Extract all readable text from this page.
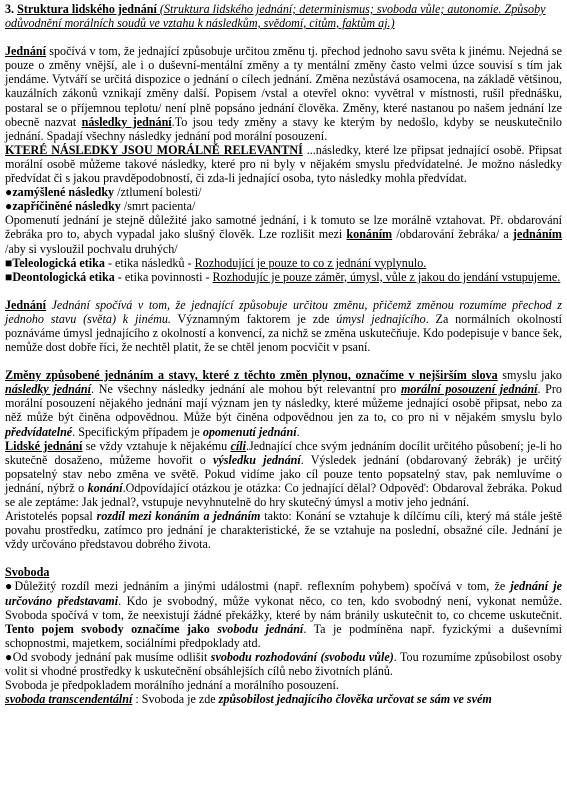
3. Struktura lidského jednání (Struktura lidského jednání; determinismus; svoboda vůle; autonomie. Způsoby odůvodnění morálních soudů ve vztahu k následkům, svědomí, citům, faktům aj.)

Jednání spočívá v tom, že jednající způsobuje určitou změnu tj. přechod jednoho savu světa k jinému. Nejedná se pouze o změny vnější, ale i o duševní-mentální změny a ty mentální změny často velmi úzce souvisí s tím jak jendáme. Vytváří se určitá dispozice o jednání o cílech jednání. Změna nezůstává osamocena, na základě většinou, kauzálních zákonů vznikají změny další. Popisem /vstal a otevřel okno: vyvětral v místnosti, rušil přednášku, postaral se o příjemnou teplotu/ není plně popsáno jednání člověka. Změny, které nastanou po našem jednání lze obecně nazvat následky jednání.To jsou tedy změny a stavy ke kterým by nedošlo, kdyby se neuskutečnilo jednání. Spadají všechny následky jednání pod morální posouzení.

KTERÉ NÁSLEDKY JSOU MORÁLNĚ RELEVANTNÍ ...následky, které lze připsat jednající osobě. Připsat morální osobě můžeme takové následky, které pro ni byly v nějakém smyslu předvídatelné. Je možno následky předvídat či s jakou pravděpodobností, či zda-li jednající osoba, tyto následky mohla předvídat.

●zamýšlené následky /ztlumení bolesti/

●zapříčiněné následky /smrt pacienta/

Opomenutí jednání je stejně důležité jako samotné jednání, i k tomuto se lze morálně vztahovat. Př. obdarování žebráka pro to, abych vypadal jako slušný člověk. Lze rozlišit mezi konáním /obdarování žebráka/ a jednáním /aby si vysloužil pochvalu druhých/

■Teleologická etika - etika následků - Rozhodující je pouze to co z jednání vyplynulo.

■Deontologická etika - etika povinnosti - Rozhodujíc je pouze záměr, úmysl, vůle z jakou do jendání vstupujeme.

Jednání Jednání spočívá v tom, že jednající způsobuje určitou změnu, přičemž změnou rozumíme přechod z jednoho stavu (světa) k jinému. Významným faktorem je zde úmysl jednajícího. Za normálních okolností poznáváme úmysl jednajícího z okolností a konvencí, za nichž se změna uskutečňuje. Kdo podepisuje v bance šek, nemůže dost dobře říci, že nechtěl platit, že se chtěl jenom pocvičit v psaní.

Změny způsobené jednáním a stavy, které z těchto změn plynou, označíme v nejširším slova smyslu jako následky jednání. Ne všechny následky jednání ale mohou být relevantní pro morální posouzení jednání. Pro morální posouzení nějakého jednání mají význam jen ty následky, které můžeme jednající osobě připsat, nebo za něž může být činěna odpovědnou. Může být činěna odpovědnou jen za to, co pro ni v nějakém smyslu bylo předvídatelné. Specifickým případem je opomenutí jednání.

Lidské jednání se vždy vztahuje k nějakému cíli.Jednající chce svým jednáním docílit určitého působení; je-li ho skutečně dosaženo, můžeme hovořit o výsledku jednání. Výsledek jednání (obdarovaný žebrák) je určitý popsatelný stav nebo změna ve světě. Pokud vidíme jako cíl pouze tento popsatelný stav, pak nemluvíme o jednání, nýbrž o konání.Odpovídající otázkou je otázka: Co jednající dělal? Odpověď: Obdaroval žebráka. Pokud se ale zeptáme: Jak jednal?, vstupuje nevyhnutelně do hry skutečný úmysl a motiv jeho jednání.

Aristotelés popsal rozdíl mezi konáním a jednáním takto: Konání se vztahuje k dílčímu cíli, který má stále ještě povahu prostředku, zatímco pro jednání je charakteristické, že se vztahuje na poslední, obsažné cíle. Jednání je vždy určováno představou dobrého života.

Svoboda

●Důležitý rozdíl mezi jednáním a jinými událostmi (např. reflexním pohybem) spočívá v tom, že jednání je určováno představami. Kdo je svobodný, může vykonat něco, co ten, kdo svobodný není, vykonat nemůže. Svoboda spočívá v tom, že neexistují žádné překážky, které by nám bránily uskutečnit to, co chceme uskutečnit. Tento pojem svobody označíme jako svobodu jednání. Ta je podmíněna např. fyzickými a duševními schopnostmi, majetkem, sociálními předpoklady atd.

●Od svobody jednání pak musíme odlišit svobodu rozhodování (svobodu vůle). Tou rozumíme způsobilost osoby volit si vhodné prostředky k uskutečnění obsáhlejších cílů nebo životních plánů.

Svoboda je předpokladem morálního jednání a morálního posouzení.

svoboda transcendentální : Svoboda je zde způsobilost jednajícího člověka určovat se sám ve svém
